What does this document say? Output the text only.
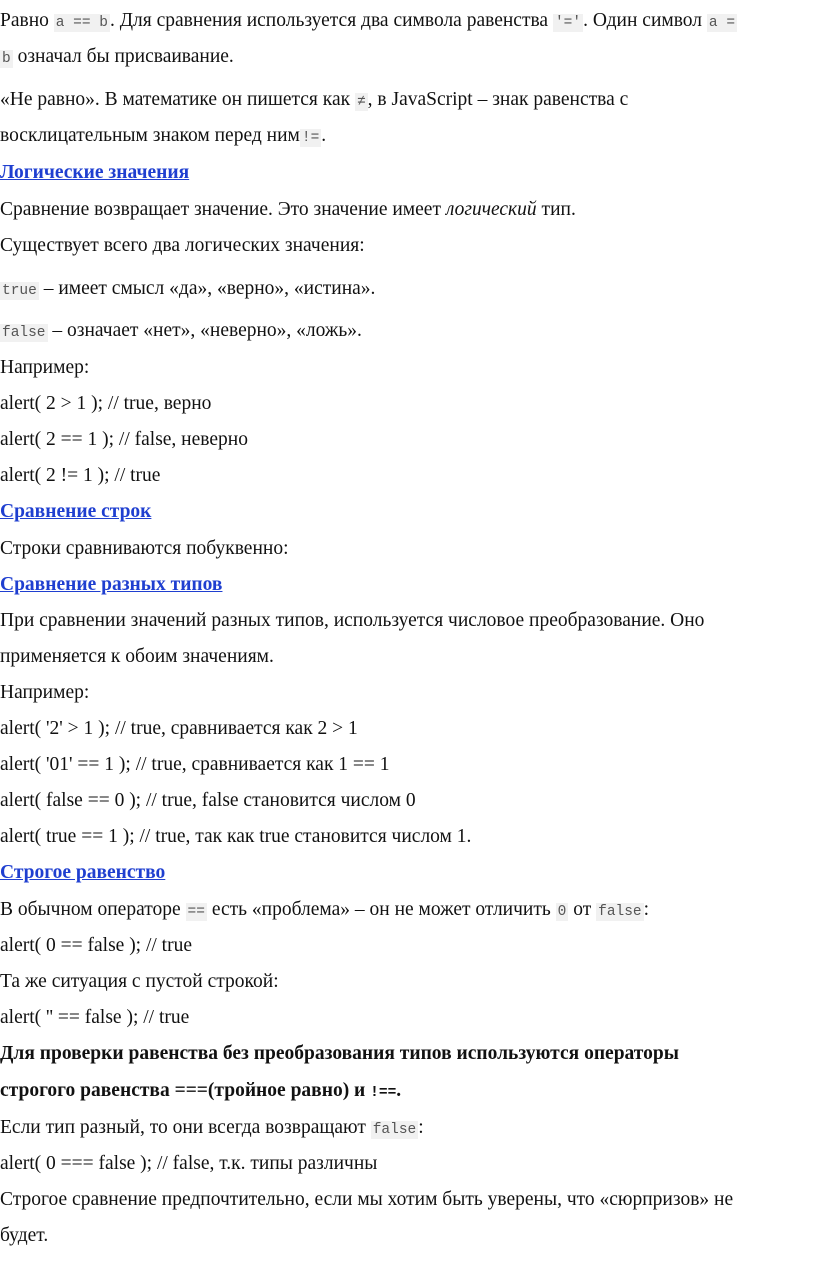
Равно a == b . Для сравнения используется два символа равенства '=' . Один символ a =
b означал бы присваивание.
«Не равно». В математике он пишется как ≠ , в JavaScript – знак равенства с
восклицательным знаком перед ним != .
Логические значения
Сравнение возвращает значение. Это значение имеет логический тип.
Существует всего два логических значения:
true – имеет смысл «да», «верно», «истина».
false – означает «нет», «неверно», «ложь».
Например:
alert( 2 > 1 ); // true, верно
alert( 2 == 1 ); // false, неверно
alert( 2 != 1 ); // true
Сравнение строк
Строки сравниваются побуквенно:
Сравнение разных типов
При сравнении значений разных типов, используется числовое преобразование. Оно
применяется к обоим значениям.
Например:
alert( '2' > 1 ); // true, сравнивается как 2 > 1
alert( '01' == 1 ); // true, сравнивается как 1 == 1
alert( false == 0 ); // true, false становится числом 0
alert( true == 1 ); // true, так как true становится числом 1.
Строгое равенство
В обычном операторе == есть «проблема» – он не может отличить 0 от false :
alert( 0 == false ); // true
Та же ситуация с пустой строкой:
alert( '' == false ); // true
Для проверки равенства без преобразования типов используются операторы
строгого равенства ===(тройное равно) и !==.
Если тип разный, то они всегда возвращают false :
alert( 0 === false ); // false, т.к. типы различны
Строгое сравнение предпочтительно, если мы хотим быть уверены, что «сюрпризов» не
будет.
